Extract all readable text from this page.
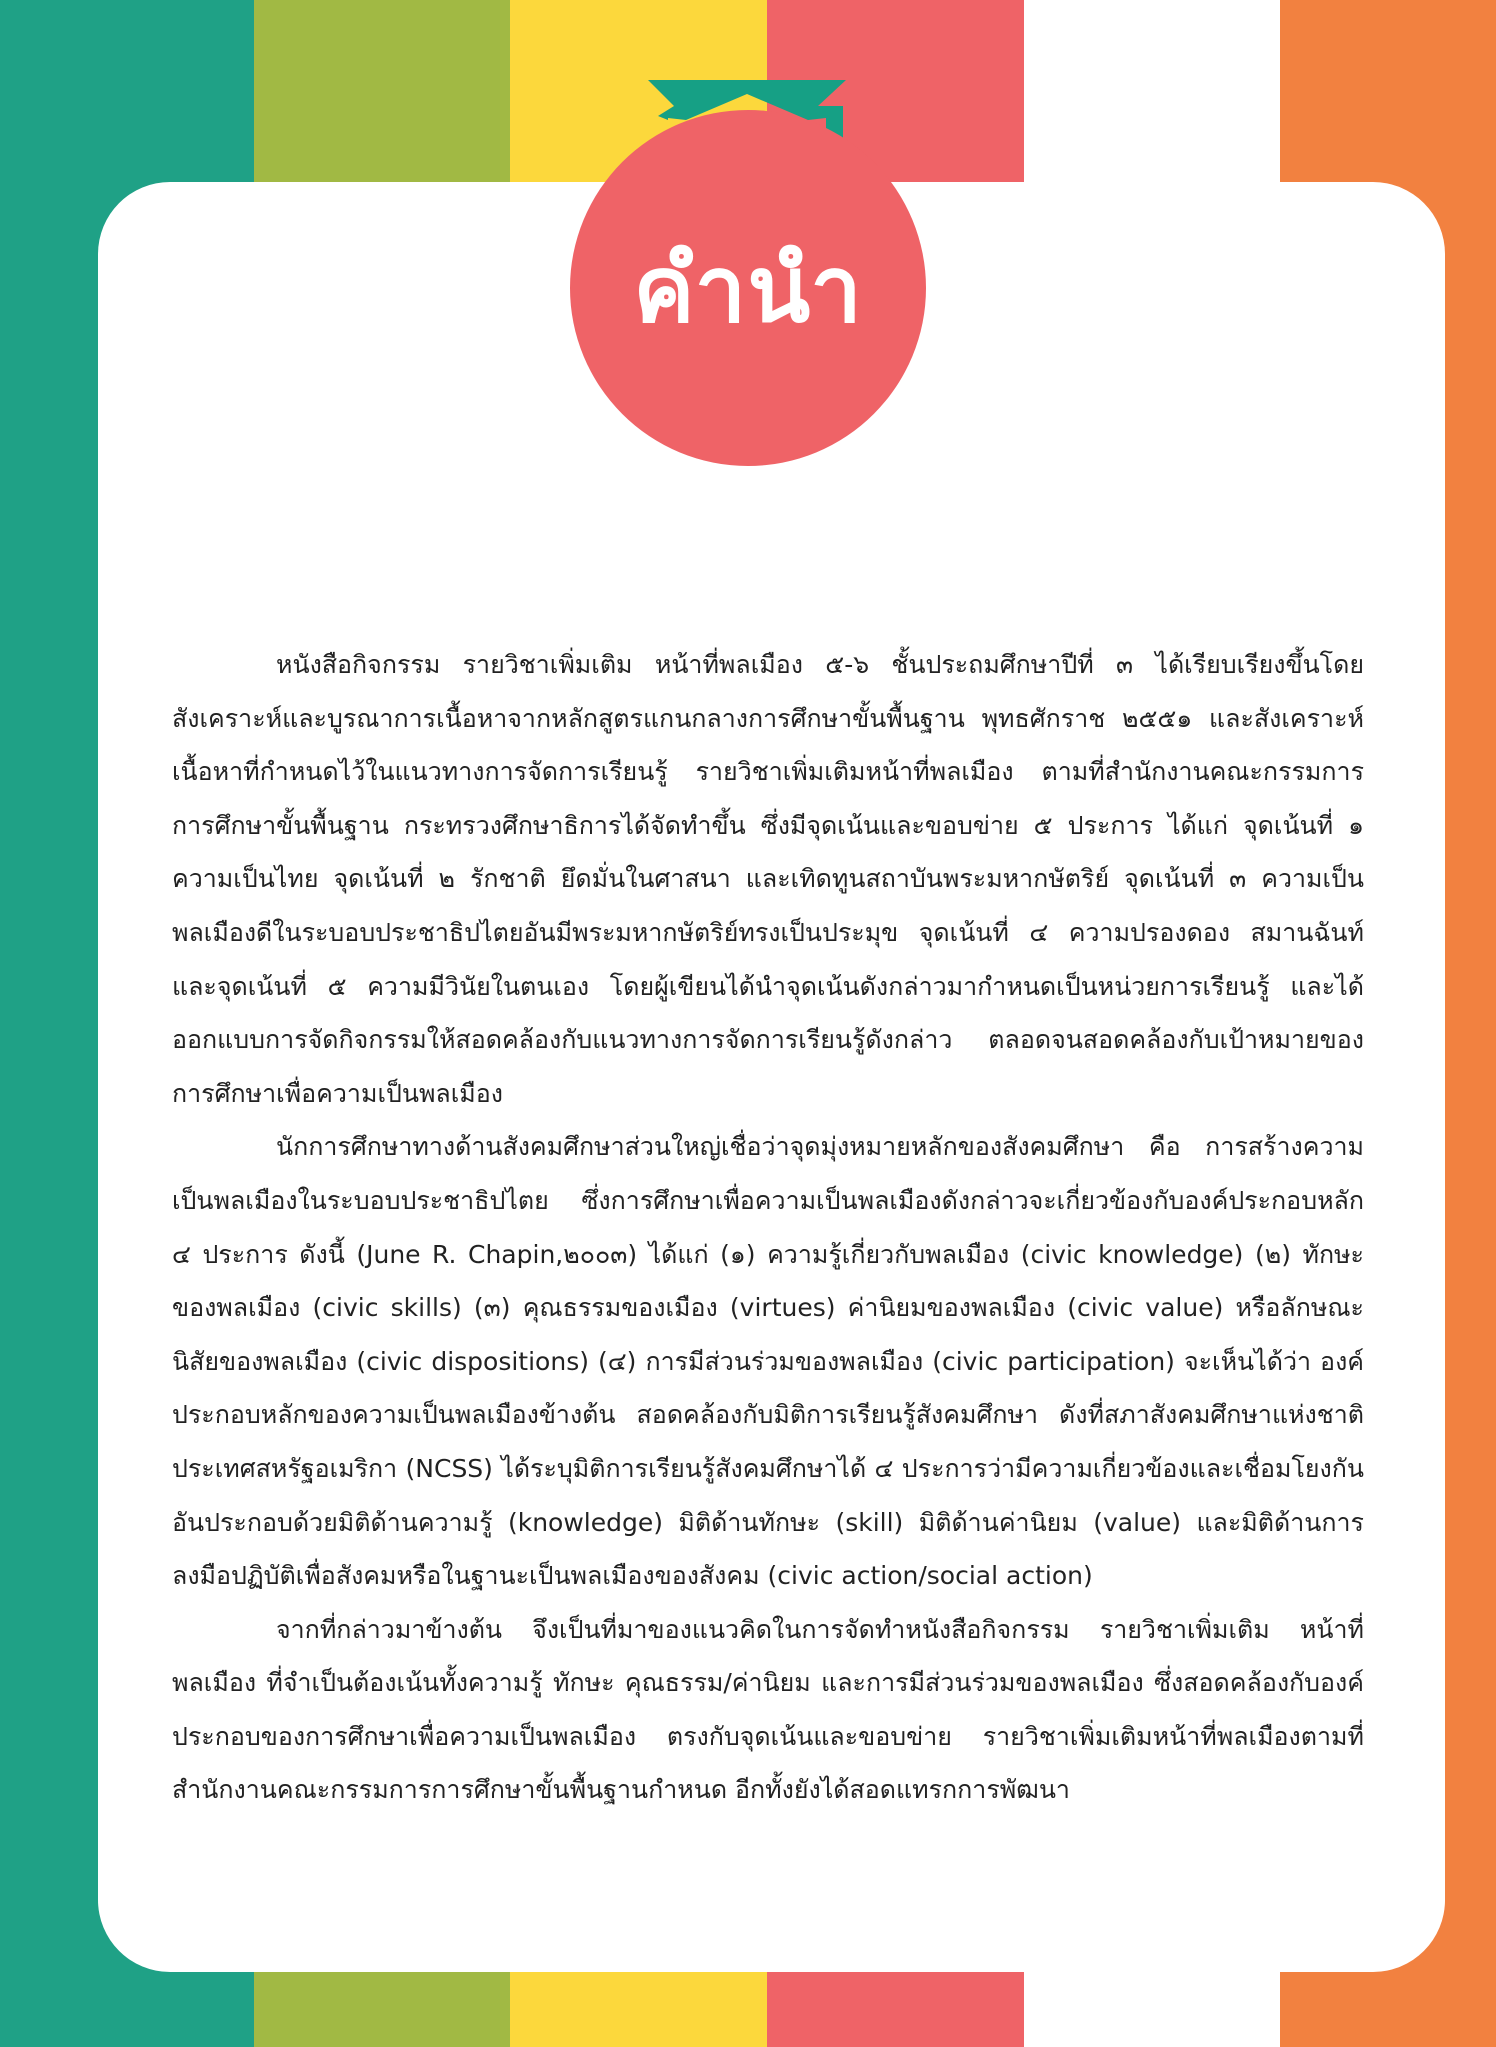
คำนำ

หนังสือกิจกรรม รายวิชาเพิ่มเติม หน้าที่พลเมือง ๕-๖ ชั้นประถมศึกษาปีที่ ๓ ได้เรียบเรียงขึ้นโดยสังเคราะห์และบูรณาการเนื้อหาจากหลักสูตรแกนกลางการศึกษาขั้นพื้นฐาน พุทธศักราช ๒๕๕๑ และสังเคราะห์เนื้อหาที่กำหนดไว้ในแนวทางการจัดการเรียนรู้ รายวิชาเพิ่มเติมหน้าที่พลเมือง ตามที่สำนักงานคณะกรรมการการศึกษาขั้นพื้นฐาน กระทรวงศึกษาธิการได้จัดทำขึ้น ซึ่งมีจุดเน้นและขอบข่าย ๕ ประการ ได้แก่ จุดเน้นที่ ๑ ความเป็นไทย จุดเน้นที่ ๒ รักชาติ ยึดมั่นในศาสนา และเทิดทูนสถาบันพระมหากษัตริย์ จุดเน้นที่ ๓ ความเป็นพลเมืองดีในระบอบประชาธิปไตยอันมีพระมหากษัตริย์ทรงเป็นประมุข จุดเน้นที่ ๔ ความปรองดอง สมานฉันท์ และจุดเน้นที่ ๕ ความมีวินัยในตนเอง โดยผู้เขียนได้นำจุดเน้นดังกล่าวมากำหนดเป็นหน่วยการเรียนรู้ และได้ออกแบบการจัดกิจกรรมให้สอดคล้องกับแนวทางการจัดการเรียนรู้ดังกล่าว ตลอดจนสอดคล้องกับเป้าหมายของการศึกษาเพื่อความเป็นพลเมือง

นักการศึกษาทางด้านสังคมศึกษาส่วนใหญ่เชื่อว่าจุดมุ่งหมายหลักของสังคมศึกษา คือ การสร้างความเป็นพลเมืองในระบอบประชาธิปไตย ซึ่งการศึกษาเพื่อความเป็นพลเมืองดังกล่าวจะเกี่ยวข้องกับองค์ประกอบหลัก ๔ ประการ ดังนี้ (June R. Chapin,๒๐๐๓) ได้แก่ (๑) ความรู้เกี่ยวกับพลเมือง (civic knowledge) (๒) ทักษะของพลเมือง (civic skills) (๓) คุณธรรมของเมือง (virtues) ค่านิยมของพลเมือง (civic value) หรือลักษณะนิสัยของพลเมือง (civic dispositions) (๔) การมีส่วนร่วมของพลเมือง (civic participation) จะเห็นได้ว่า องค์ประกอบหลักของความเป็นพลเมืองข้างต้น สอดคล้องกับมิติการเรียนรู้สังคมศึกษา ดังที่สภาสังคมศึกษาแห่งชาติ ประเทศสหรัฐอเมริกา (NCSS) ได้ระบุมิติการเรียนรู้สังคมศึกษาได้ ๔ ประการว่ามีความเกี่ยวข้องและเชื่อมโยงกัน อันประกอบด้วยมิติด้านความรู้ (knowledge) มิติด้านทักษะ (skill) มิติด้านค่านิยม (value) และมิติด้านการลงมือปฏิบัติเพื่อสังคมหรือในฐานะเป็นพลเมืองของสังคม (civic action/social action)

จากที่กล่าวมาข้างต้น จึงเป็นที่มาของแนวคิดในการจัดทำหนังสือกิจกรรม รายวิชาเพิ่มเติม หน้าที่พลเมือง ที่จำเป็นต้องเน้นทั้งความรู้ ทักษะ คุณธรรม/ค่านิยม และการมีส่วนร่วมของพลเมือง ซึ่งสอดคล้องกับองค์ประกอบของการศึกษาเพื่อความเป็นพลเมือง ตรงกับจุดเน้นและขอบข่าย รายวิชาเพิ่มเติมหน้าที่พลเมืองตามที่สำนักงานคณะกรรมการการศึกษาขั้นพื้นฐานกำหนด อีกทั้งยังได้สอดแทรกการพัฒนา
